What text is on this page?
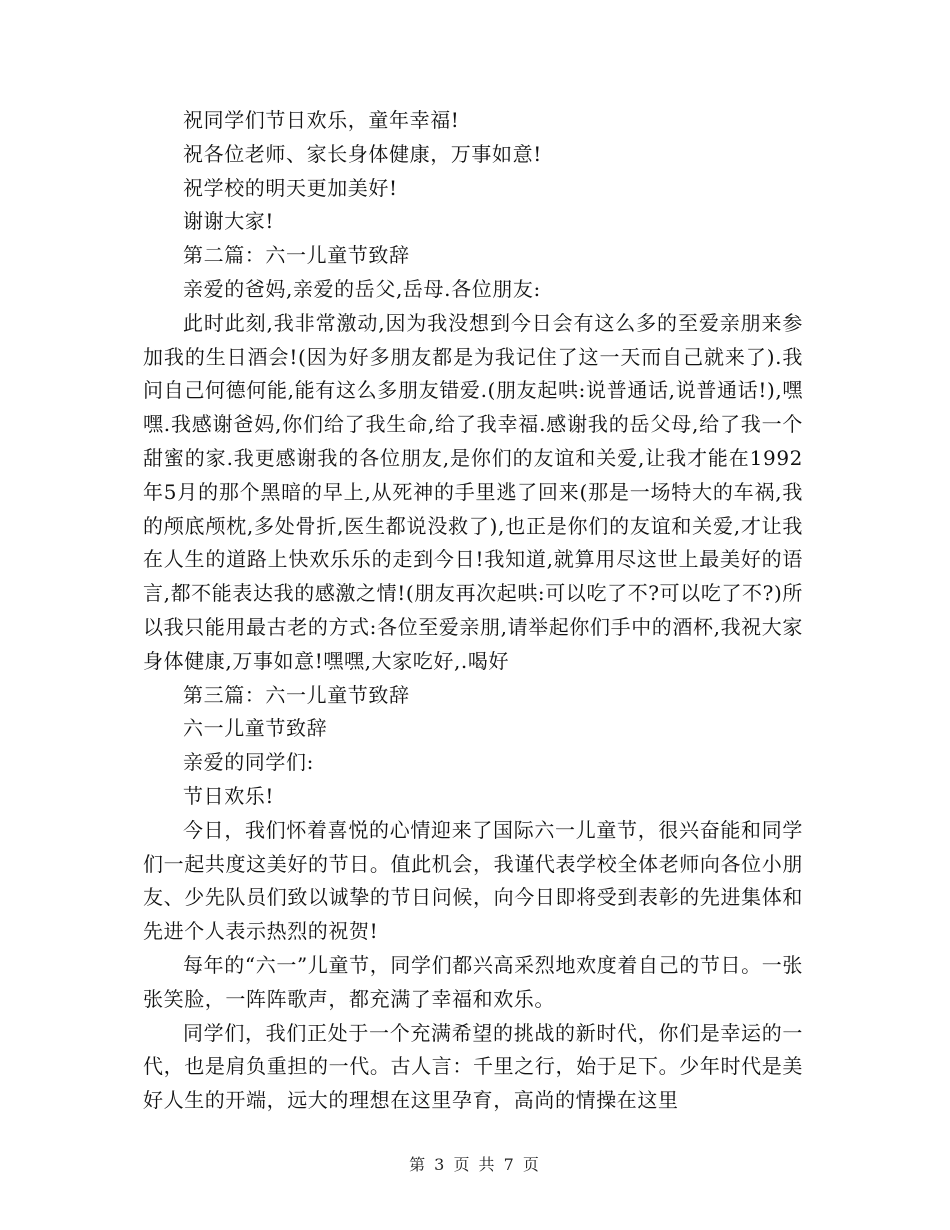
祝同学们节日欢乐，童年幸福!

祝各位老师、家长身体健康，万事如意!

祝学校的明天更加美好!

谢谢大家!

第二篇：六一儿童节致辞

亲爱的爸妈,亲爱的岳父,岳母.各位朋友:

此时此刻,我非常激动,因为我没想到今日会有这么多的至爱亲朋来参加我的生日酒会!(因为好多朋友都是为我记住了这一天而自己就来了).我问自己何德何能,能有这么多朋友错爱.(朋友起哄:说普通话,说普通话!),嘿嘿.我感谢爸妈,你们给了我生命,给了我幸福.感谢我的岳父母,给了我一个甜蜜的家.我更感谢我的各位朋友,是你们的友谊和关爱,让我才能在1992年5月的那个黑暗的早上,从死神的手里逃了回来(那是一场特大的车祸,我的颅底颅枕,多处骨折,医生都说没救了),也正是你们的友谊和关爱,才让我在人生的道路上快欢乐乐的走到今日!我知道,就算用尽这世上最美好的语言,都不能表达我的感激之情!(朋友再次起哄:可以吃了不?可以吃了不?)所以我只能用最古老的方式:各位至爱亲朋,请举起你们手中的酒杯,我祝大家身体健康,万事如意!嘿嘿,大家吃好,.喝好

第三篇：六一儿童节致辞

六一儿童节致辞

亲爱的同学们:

节日欢乐!

今日，我们怀着喜悦的心情迎来了国际六一儿童节，很兴奋能和同学们一起共度这美好的节日。值此机会，我谨代表学校全体老师向各位小朋友、少先队员们致以诚挚的节日问候，向今日即将受到表彰的先进集体和先进个人表示热烈的祝贺!

每年的“六一”儿童节，同学们都兴高采烈地欢度着自己的节日。一张张笑脸，一阵阵歌声，都充满了幸福和欢乐。

同学们，我们正处于一个充满希望的挑战的新时代，你们是幸运的一代，也是肩负重担的一代。古人言：千里之行，始于足下。少年时代是美好人生的开端，远大的理想在这里孕育，高尚的情操在这里

第 3 页 共 7 页
